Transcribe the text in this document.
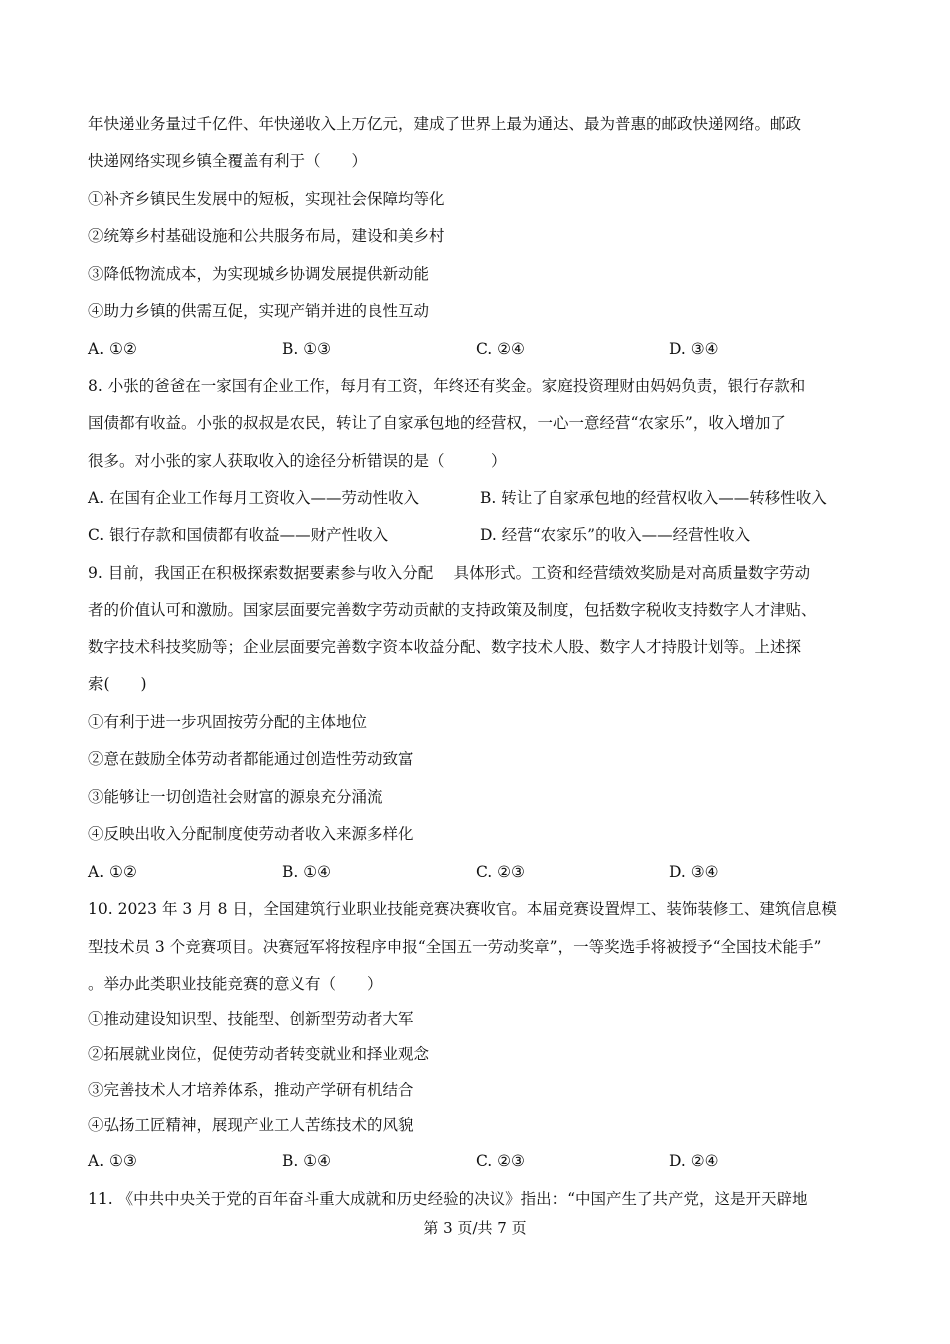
年快递业务量过千亿件、年快递收入上万亿元，建成了世界上最为通达、最为普惠的邮政快递网络。邮政
快递网络实现乡镇全覆盖有利于（　　）
①补齐乡镇民生发展中的短板，实现社会保障均等化
②统筹乡村基础设施和公共服务布局，建设和美乡村
③降低物流成本，为实现城乡协调发展提供新动能
④助力乡镇的供需互促，实现产销并进的良性互动
A. ①②	B. ①③	C. ②④	D. ③④
8. 小张的爸爸在一家国有企业工作，每月有工资，年终还有奖金。家庭投资理财由妈妈负责，银行存款和
国债都有收益。小张的叔叔是农民，转让了自家承包地的经营权，一心一意经营“农家乐”，收入增加了
很多。对小张的家人获取收入的途径分析错误的是（　　　）
A. 在国有企业工作每月工资收入——劳动性收入	B. 转让了自家承包地的经营权收入——转移性收入
C. 银行存款和国债都有收益——财产性收入	D. 经营“农家乐”的收入——经营性收入
9. 目前，我国正在积极探索数据要素参与收入分配　 具体形式。工资和经营绩效奖励是对高质量数字劳动
者的价值认可和激励。国家层面要完善数字劳动贡献的支持政策及制度，包括数字税收支持数字人才津贴、
数字技术科技奖励等；企业层面要完善数字资本收益分配、数字技术人股、数字人才持股计划等。上述探
索(　　)
①有利于进一步巩固按劳分配的主体地位
②意在鼓励全体劳动者都能通过创造性劳动致富
③能够让一切创造社会财富的源泉充分涌流
④反映出收入分配制度使劳动者收入来源多样化
A. ①②	B. ①④	C. ②③	D. ③④
10. 2023 年 3 月 8 日，全国建筑行业职业技能竞赛决赛收官。本届竞赛设置焊工、装饰装修工、建筑信息模
型技术员 3 个竞赛项目。决赛冠军将按程序申报“全国五一劳动奖章”，一等奖选手将被授予“全国技术能手”
。举办此类职业技能竞赛的意义有（　　）
①推动建设知识型、技能型、创新型劳动者大军
②拓展就业岗位，促使劳动者转变就业和择业观念
③完善技术人才培养体系，推动产学研有机结合
④弘扬工匠精神，展现产业工人苦练技术的风貌
A. ①③	B. ①④	C. ②③	D. ②④
11. 《中共中央关于党的百年奋斗重大成就和历史经验的决议》指出：“中国产生了共产党，这是开天辟地
第 3 页/共 7 页
